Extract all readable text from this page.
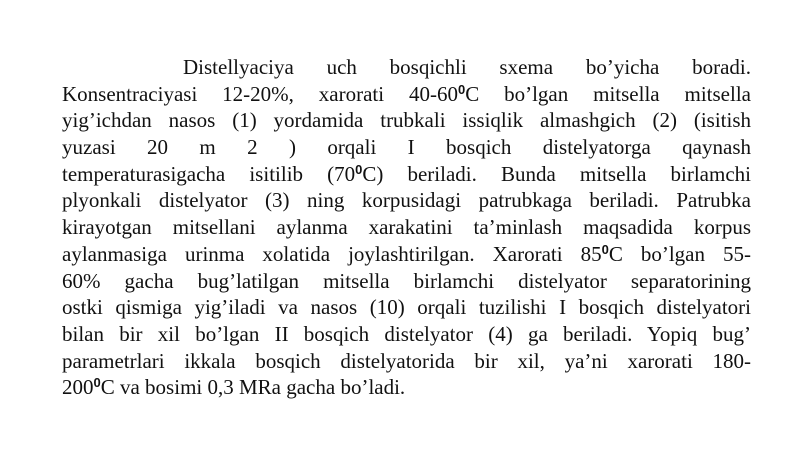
Distellyaciya uch bosqichli sxema bo’yicha boradi.
Konsentraciyasi 12-20%, xarorati $40-60^0C$ bo’lgan mitsella mitsella
yig’ichdan nasos (1) yordamida trubkali issiqlik almashgich (2) (isitish
yuzasi 20 m 2 ) orqali I bosqich distelyatorga qaynash
temperaturasigacha isitilib $(70^0C)$ beriladi. Bunda mitsella birlamchi
plyonkali distelyator (3) ning korpusidagi patrubkaga beriladi. Patrubka
kirayotgan mitsellani aylanma xarakatini ta’minlash maqsadida korpus
aylanmasiga urinma xolatida joylashtirilgan. Xarorati $85^0C$ bo’lgan 55-
60% gacha bug’latilgan mitsella birlamchi distelyator separatorining
ostki qismiga yig’iladi va nasos (10) orqali tuzilishi I bosqich distelyatori
bilan bir xil bo’lgan II bosqich distelyator (4) ga beriladi. Yopiq bug’
parametrlari ikkala bosqich distelyatorida bir xil, ya’ni xarorati 180-
$200^0C$ va bosimi 0,3 MRa gacha bo’ladi.
